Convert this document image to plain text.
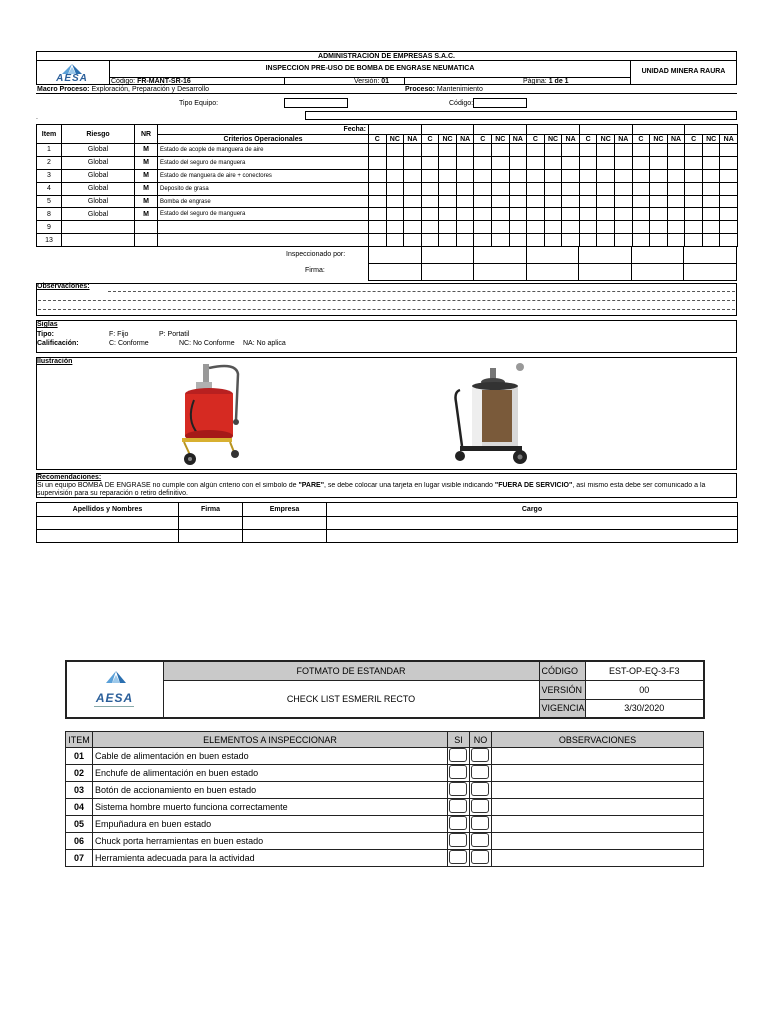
ADMINISTRACIÓN DE EMPRESAS S.A.C.
AESA
INSPECCION PRE-USO DE BOMBA DE ENGRASE NEUMATICA	UNIDAD MINERA RAURA
Código: FR-MANT-SR-16	Versión: 01	Página: 1 de 1
Macro Proceso: Exploración, Preparación y Desarrollo	Proceso: Mantenimiento
Tipo Equipo:	Código:
.
Item	Riesgo	NR	Fecha:																					
			Criterios Operacionales	C	NC	NA	C	NC	NA	C	NC	NA	C	NC	NA	C	NC	NA	C	NC	NA	C	NC	NA
1	Global	M	Estado de acople de manguera de aire																					
2	Global	M	Estado del seguro de manguera																					
3	Global	M	Estado de manguera de aire + conectores																					
4	Global	M	Deposito de grasa																					
5	Global	M	Bomba de engrase																					
8	Global	M	Estado del seguro de manguera																					
9																								
13																								
Inspeccionado por:
Firma:

Observaciones:
Siglas
Tipo:	F: Fijo	P: Portatil
Calificación:	C: Conforme	NC: No Conforme NA: No aplica
Ilustración
Recomendaciones:
Si un equipo BOMBA DE ENGRASE no cumple con algún criterio con el simbolo de "PARE", se debe colocar una tarjeta en lugar visible indicando "FUERA DE SERVICIO", así mismo esta debe ser comunicado a la
supervisión para su reparación o retiro definitivo.
Apellidos y Nombres	Firma	Empresa	Cargo

AESA	FOTMATO DE ESTANDAR	CÓDIGO	EST-OP-EQ-3-F3
	CHECK LIST ESMERIL RECTO	VERSIÓN	00
		VIGENCIA	3/30/2020
ITEM	ELEMENTOS A INSPECCIONAR	SI	NO	OBSERVACIONES
01	Cable de alimentación en buen estado			
02	Enchufe de alimentación en buen estado			
03	Botón de accionamiento en buen estado			
04	Sistema hombre muerto funciona correctamente			
05	Empuñadura en buen estado			
06	Chuck porta herramientas en buen estado			
07	Herramienta adecuada para la actividad			
